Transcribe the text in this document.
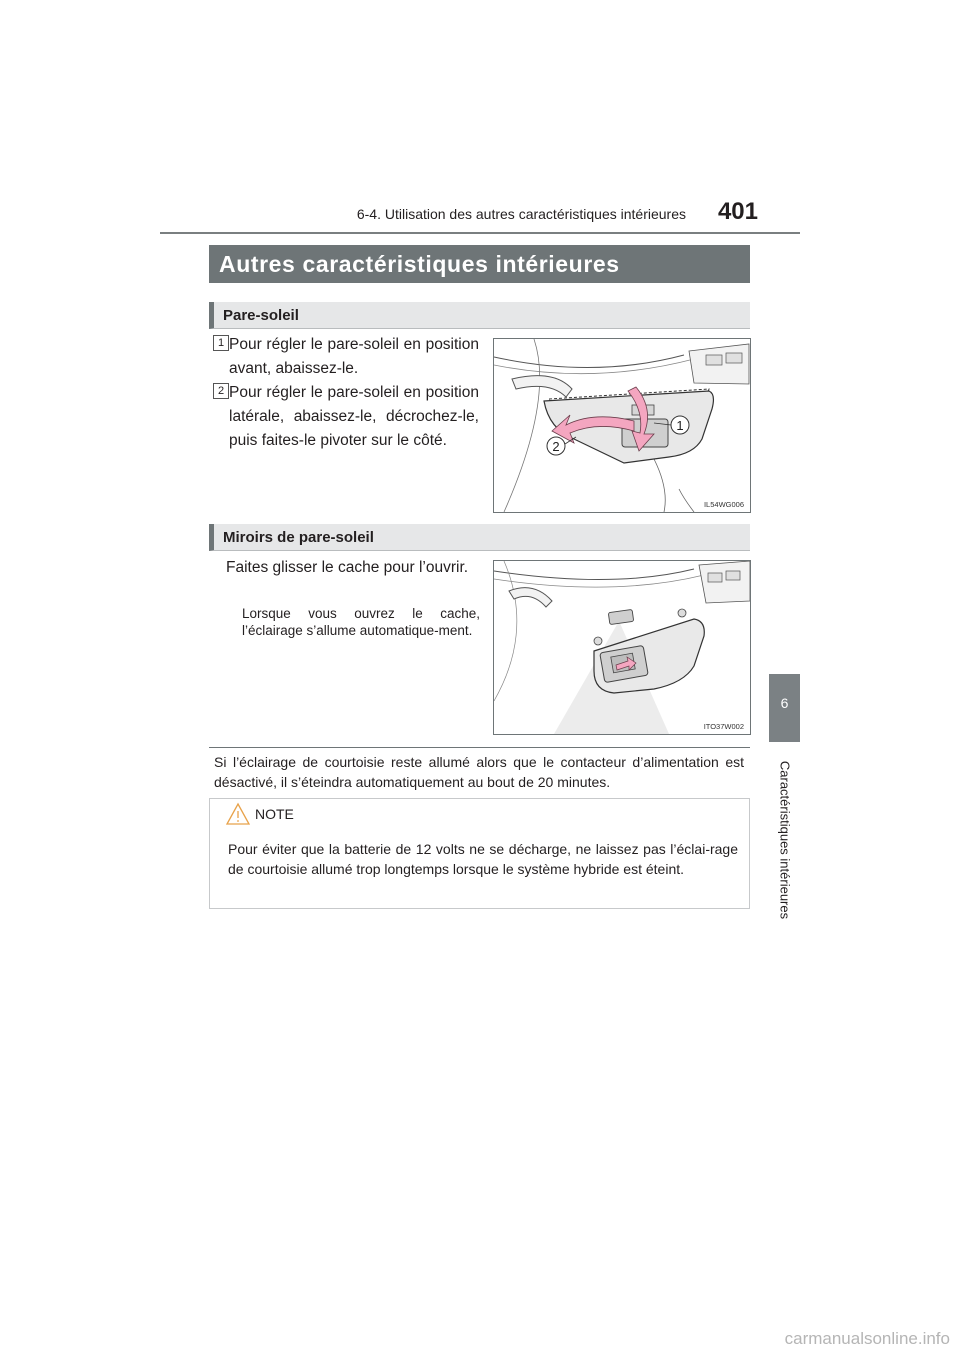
6-4. Utilisation des autres caractéristiques intérieures	401
6
Caractéristiques intérieures
Autres caractéristiques intérieures
Pare-soleil
1 Pour régler le pare-soleil en position avant, abaissez-le.
2 Pour régler le pare-soleil en position latérale, abaissez-le, décrochez-le, puis faites-le pivoter sur le côté.
1
2
IL54WG006
Miroirs de pare-soleil
Faites glisser le cache pour l’ouvrir.
Lorsque vous ouvrez le cache, l’éclairage s’allume automatique-ment.
ITO37W002
Si l’éclairage de courtoisie reste allumé alors que le contacteur d’alimentation est désactivé, il s’éteindra automatiquement au bout de 20 minutes.
NOTE
Pour éviter que la batterie de 12 volts ne se décharge, ne laissez pas l’éclai-rage de courtoisie allumé trop longtemps lorsque le système hybride est éteint.
carmanualsonline.info
